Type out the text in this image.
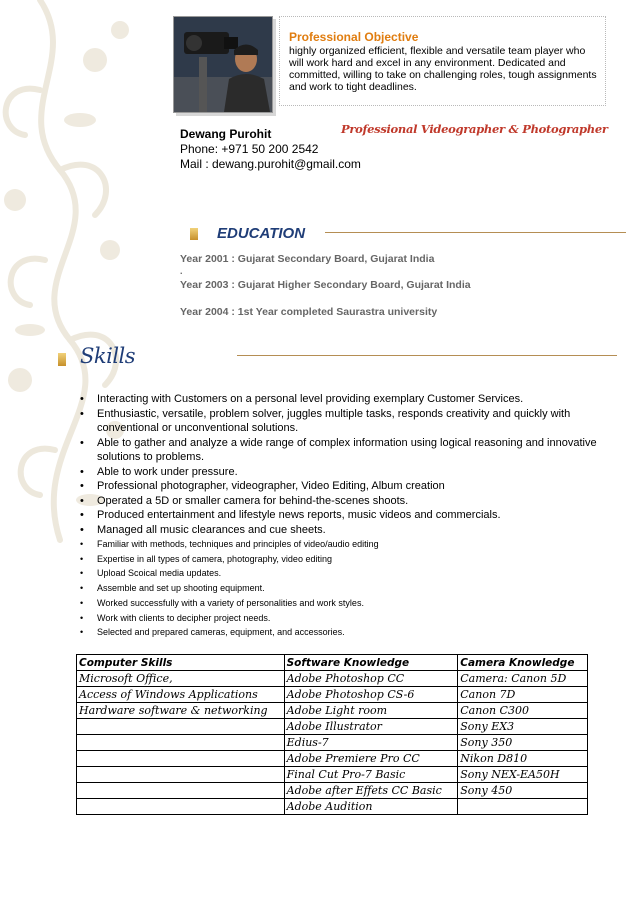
Professional Objective
highly organized efficient, flexible and versatile team player who will work hard and excel in any environment. Dedicated and committed, willing to take on challenging roles, tough assignments and work to tight deadlines.
Professional Videographer & Photographer
Dewang Purohit
Phone: +971 50 200 2542
Mail : dewang.purohit@gmail.com
EDUCATION
Year 2001 : Gujarat Secondary Board, Gujarat India
.
Year 2003 : Gujarat Higher Secondary Board, Gujarat India
Year 2004 : 1st Year completed Saurastra university
Skills
• Interacting with Customers on a personal level providing exemplary Customer Services.
• Enthusiastic, versatile, problem solver, juggles multiple tasks, responds creativity and quickly with conventional or unconventional solutions.
• Able to gather and analyze a wide range of complex information using logical reasoning and innovative solutions to problems.
• Able to work under pressure.
• Professional photographer, videographer, Video Editing, Album creation
• Operated a 5D or smaller camera for behind-the-scenes shoots.
• Produced entertainment and lifestyle news reports, music videos and commercials.
• Managed all music clearances and cue sheets.
• Familiar with methods, techniques and principles of video/audio editing
• Expertise in all types of camera, photography, video editing
• Upload Scoical media updates.
• Assemble and set up shooting equipment.
• Worked successfully with a variety of personalities and work styles.
• Work with clients to decipher project needs.
• Selected and prepared cameras, equipment, and accessories.
Computer Skills	Software Knowledge	Camera Knowledge
Microsoft Office,	Adobe Photoshop CC	Camera: Canon 5D
Access of Windows Applications	Adobe Photoshop CS-6	Canon 7D
Hardware software & networking	Adobe Light room	Canon C300
	Adobe Illustrator	Sony EX3
	Edius-7	Sony 350
	Adobe Premiere Pro CC	Nikon D810
	Final Cut Pro-7 Basic	Sony NEX-EA50H
	Adobe after Effets CC Basic	Sony 450
	Adobe Audition	
